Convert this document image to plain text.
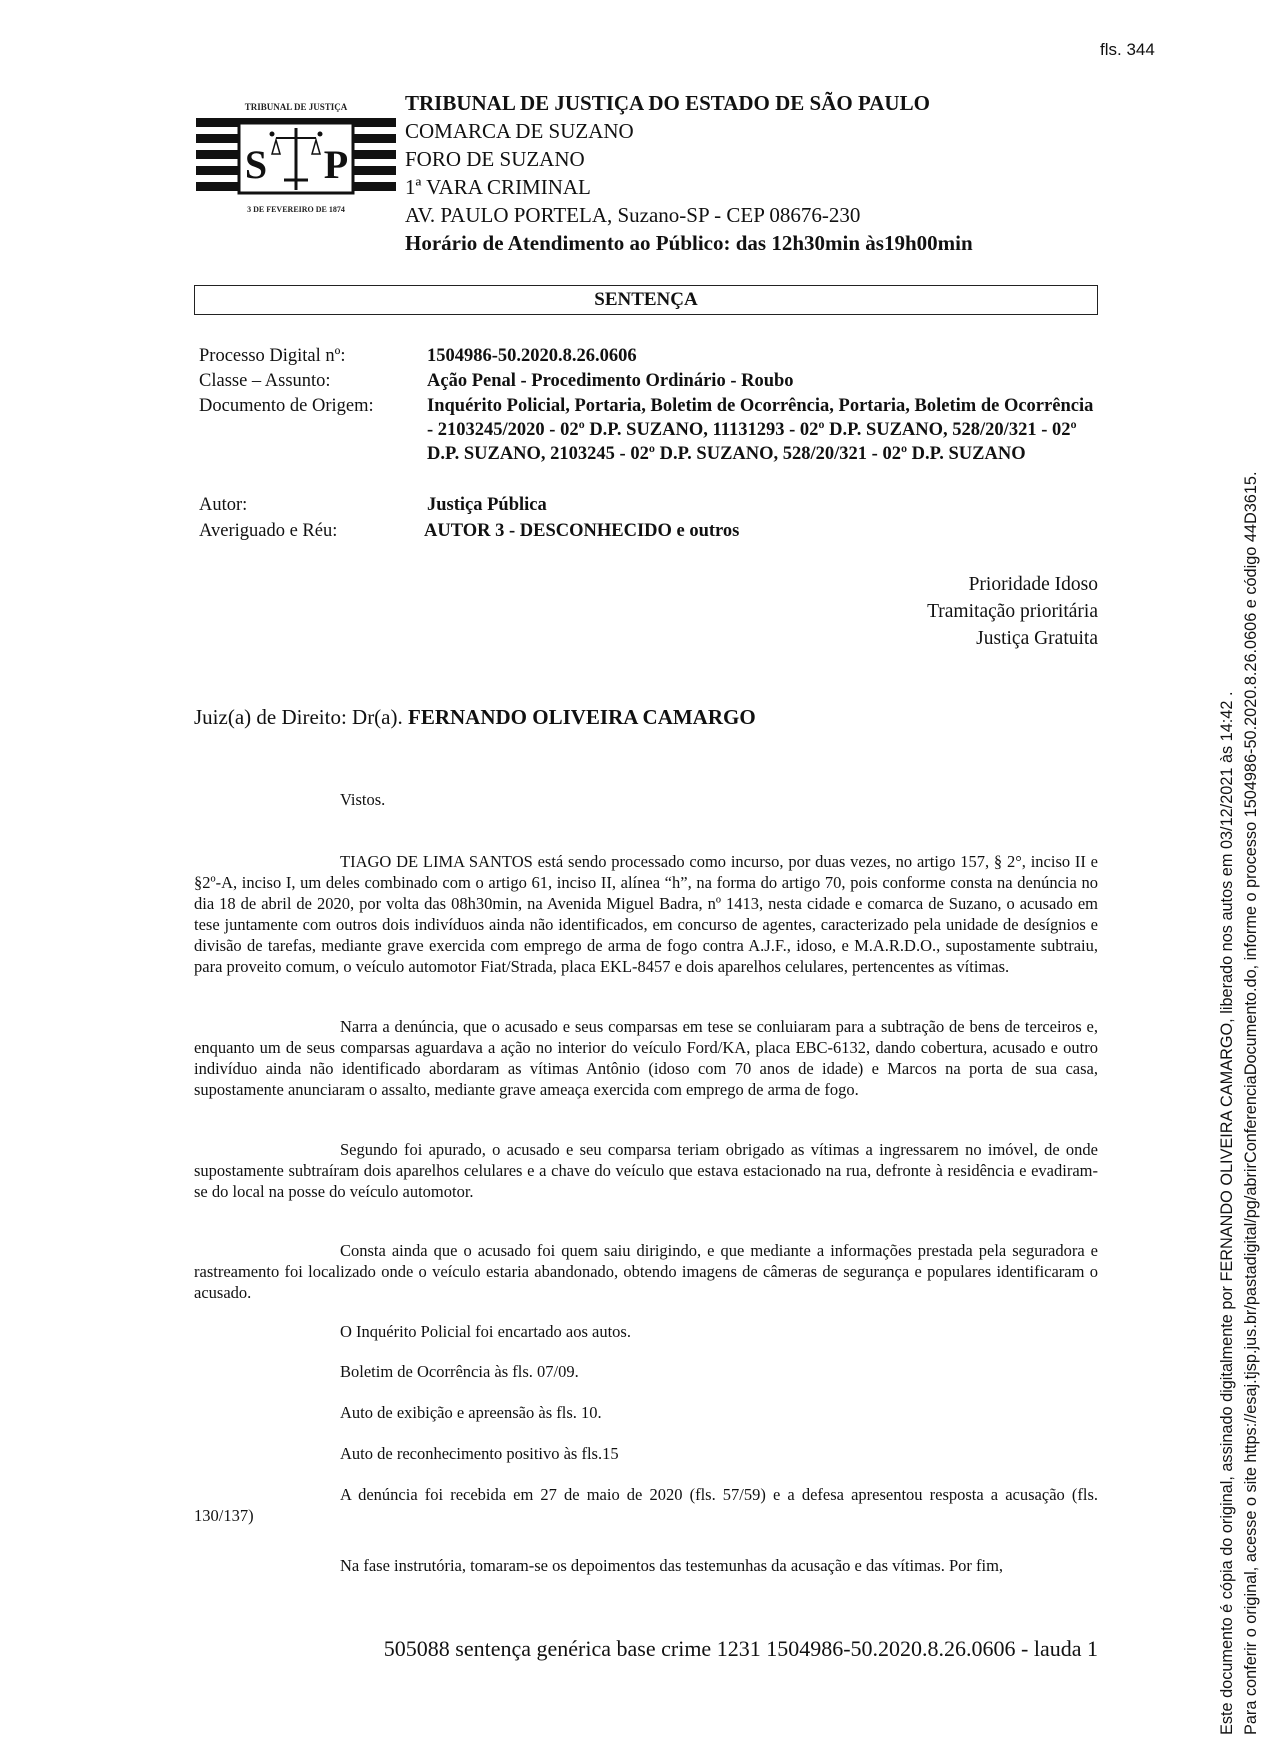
fls. 344
TRIBUNAL DE JUSTIÇA
S P
3 DE FEVEREIRO DE 1874
TRIBUNAL DE JUSTIÇA DO ESTADO DE SÃO PAULO
COMARCA DE SUZANO
FORO DE SUZANO
1ª VARA CRIMINAL
AV. PAULO PORTELA, Suzano-SP - CEP 08676-230
Horário de Atendimento ao Público: das 12h30min às19h00min
SENTENÇA
Processo Digital nº:	1504986-50.2020.8.26.0606
Classe – Assunto:	Ação Penal - Procedimento Ordinário - Roubo
Documento de Origem:	Inquérito Policial, Portaria, Boletim de Ocorrência, Portaria, Boletim de Ocorrência - 2103245/2020 - 02º D.P. SUZANO, 11131293 - 02º D.P. SUZANO, 528/20/321 - 02º D.P. SUZANO, 2103245 - 02º D.P. SUZANO, 528/20/321 - 02º D.P. SUZANO
Autor:	Justiça Pública
Averiguado e Réu:	AUTOR 3 - DESCONHECIDO e outros
Prioridade Idoso
Tramitação prioritária
Justiça Gratuita
Juiz(a) de Direito: Dr(a). FERNANDO OLIVEIRA CAMARGO
Vistos.
TIAGO DE LIMA SANTOS está sendo processado como incurso, por duas vezes, no artigo 157, § 2°, inciso II e §2º-A, inciso I, um deles combinado com o artigo 61, inciso II, alínea “h”, na forma do artigo 70, pois conforme consta na denúncia no dia 18 de abril de 2020, por volta das 08h30min, na Avenida Miguel Badra, nº 1413, nesta cidade e comarca de Suzano, o acusado em tese juntamente com outros dois indivíduos ainda não identificados, em concurso de agentes, caracterizado pela unidade de desígnios e divisão de tarefas, mediante grave exercida com emprego de arma de fogo contra A.J.F., idoso, e M.A.R.D.O., supostamente subtraiu, para proveito comum, o veículo automotor Fiat/Strada, placa EKL-8457 e dois aparelhos celulares, pertencentes as vítimas.
Narra a denúncia, que o acusado e seus comparsas em tese se conluiaram para a subtração de bens de terceiros e, enquanto um de seus comparsas aguardava a ação no interior do veículo Ford/KA, placa EBC-6132, dando cobertura, acusado e outro indivíduo ainda não identificado abordaram as vítimas Antônio (idoso com 70 anos de idade) e Marcos na porta de sua casa, supostamente anunciaram o assalto, mediante grave ameaça exercida com emprego de arma de fogo.
Segundo foi apurado, o acusado e seu comparsa teriam obrigado as vítimas a ingressarem no imóvel, de onde supostamente subtraíram dois aparelhos celulares e a chave do veículo que estava estacionado na rua, defronte à residência e evadiram-se do local na posse do veículo automotor.
Consta ainda que o acusado foi quem saiu dirigindo, e que mediante a informações prestada pela seguradora e rastreamento foi localizado onde o veículo estaria abandonado, obtendo imagens de câmeras de segurança e populares identificaram o acusado.
O Inquérito Policial foi encartado aos autos.
Boletim de Ocorrência às fls. 07/09.
Auto de exibição e apreensão às fls. 10.
Auto de reconhecimento positivo às fls.15
A denúncia foi recebida em 27 de maio de 2020 (fls. 57/59) e a defesa apresentou resposta a acusação (fls. 130/137)
Na fase instrutória, tomaram-se os depoimentos das testemunhas da acusação e das vítimas. Por fim,
505088 sentença genérica base crime 1231 1504986-50.2020.8.26.0606 - lauda 1	Este documento é cópia do original, assinado digitalmente por FERNANDO OLIVEIRA CAMARGO, liberado nos autos em 03/12/2021 às 14:42 . Para conferir o original, acesse o site https://esaj.tjsp.jus.br/pastadigital/pg/abrirConferenciaDocumento.do, informe o processo 1504986-50.2020.8.26.0606 e código 44D3615.
